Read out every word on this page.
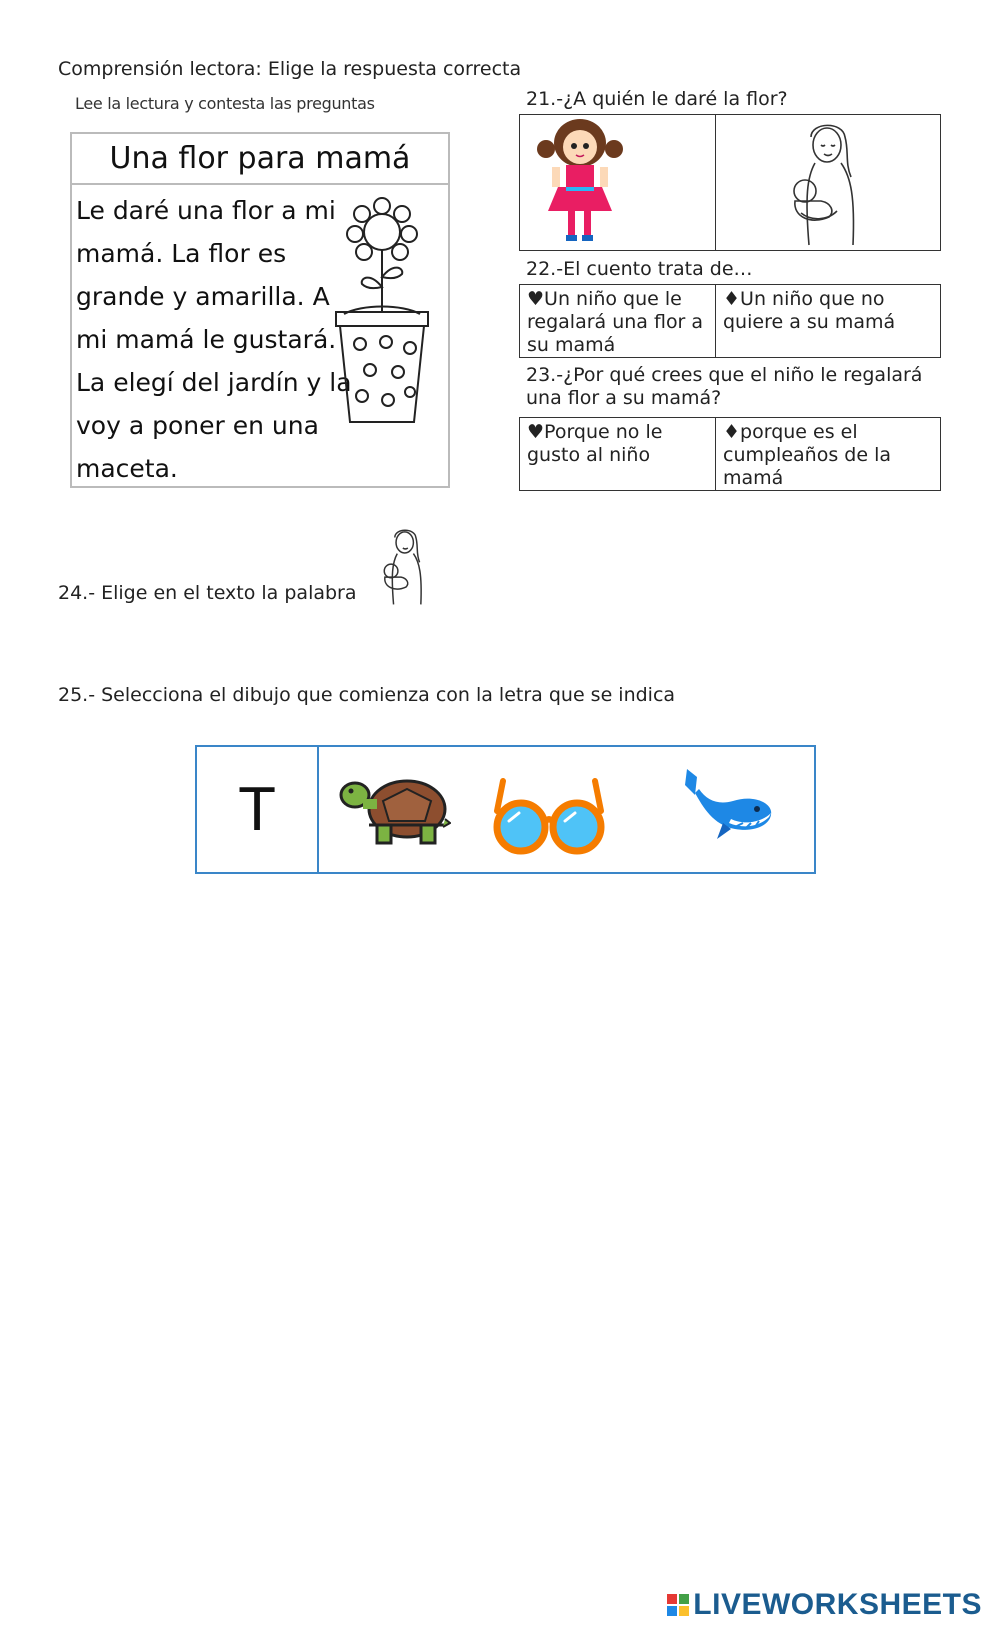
Comprensión lectora: Elige la respuesta correcta
Lee la lectura y contesta las preguntas
Una flor para mamá
Le daré una flor a mi
mamá. La flor es
grande y amarilla. A
mi mamá le gustará.
La elegí del jardín y la
voy a poner en una
maceta.
21.-¿A quién le daré la flor?
22.-El cuento trata de…
♥Un niño que le regalará una flor a su mamá
♦Un niño que no quiere a su mamá
23.-¿Por qué crees que el niño le regalará una flor a su mamá?
♥Porque no le gusto al niño
♦porque es el cumpleaños de la mamá
24.- Elige en el texto la palabra
25.- Selecciona el dibujo que comienza con la letra que se indica
T
LIVEWORKSHEETS
